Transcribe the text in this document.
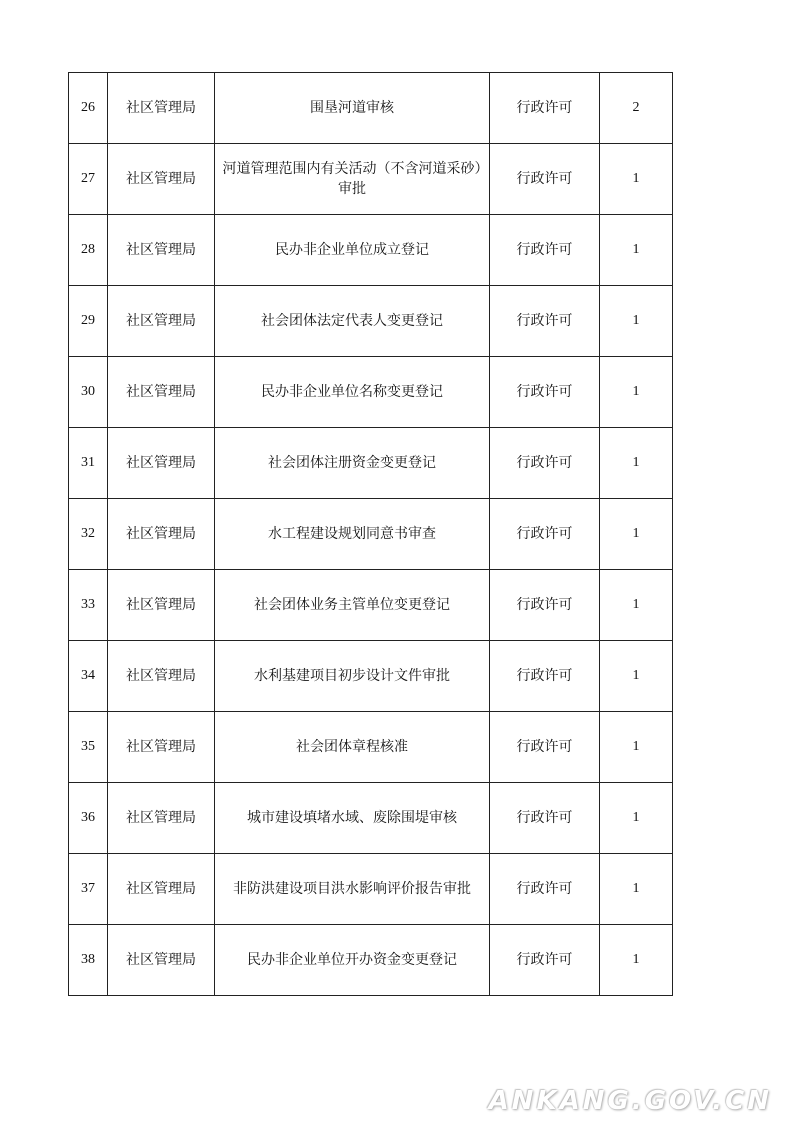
26	社区管理局	围垦河道审核	行政许可	2
27	社区管理局	河道管理范围内有关活动（不含河道采砂）审批	行政许可	1
28	社区管理局	民办非企业单位成立登记	行政许可	1
29	社区管理局	社会团体法定代表人变更登记	行政许可	1
30	社区管理局	民办非企业单位名称变更登记	行政许可	1
31	社区管理局	社会团体注册资金变更登记	行政许可	1
32	社区管理局	水工程建设规划同意书审查	行政许可	1
33	社区管理局	社会团体业务主管单位变更登记	行政许可	1
34	社区管理局	水利基建项目初步设计文件审批	行政许可	1
35	社区管理局	社会团体章程核准	行政许可	1
36	社区管理局	城市建设填堵水域、废除围堤审核	行政许可	1
37	社区管理局	非防洪建设项目洪水影响评价报告审批	行政许可	1
38	社区管理局	民办非企业单位开办资金变更登记	行政许可	1
ANKANG.GOV.CN
